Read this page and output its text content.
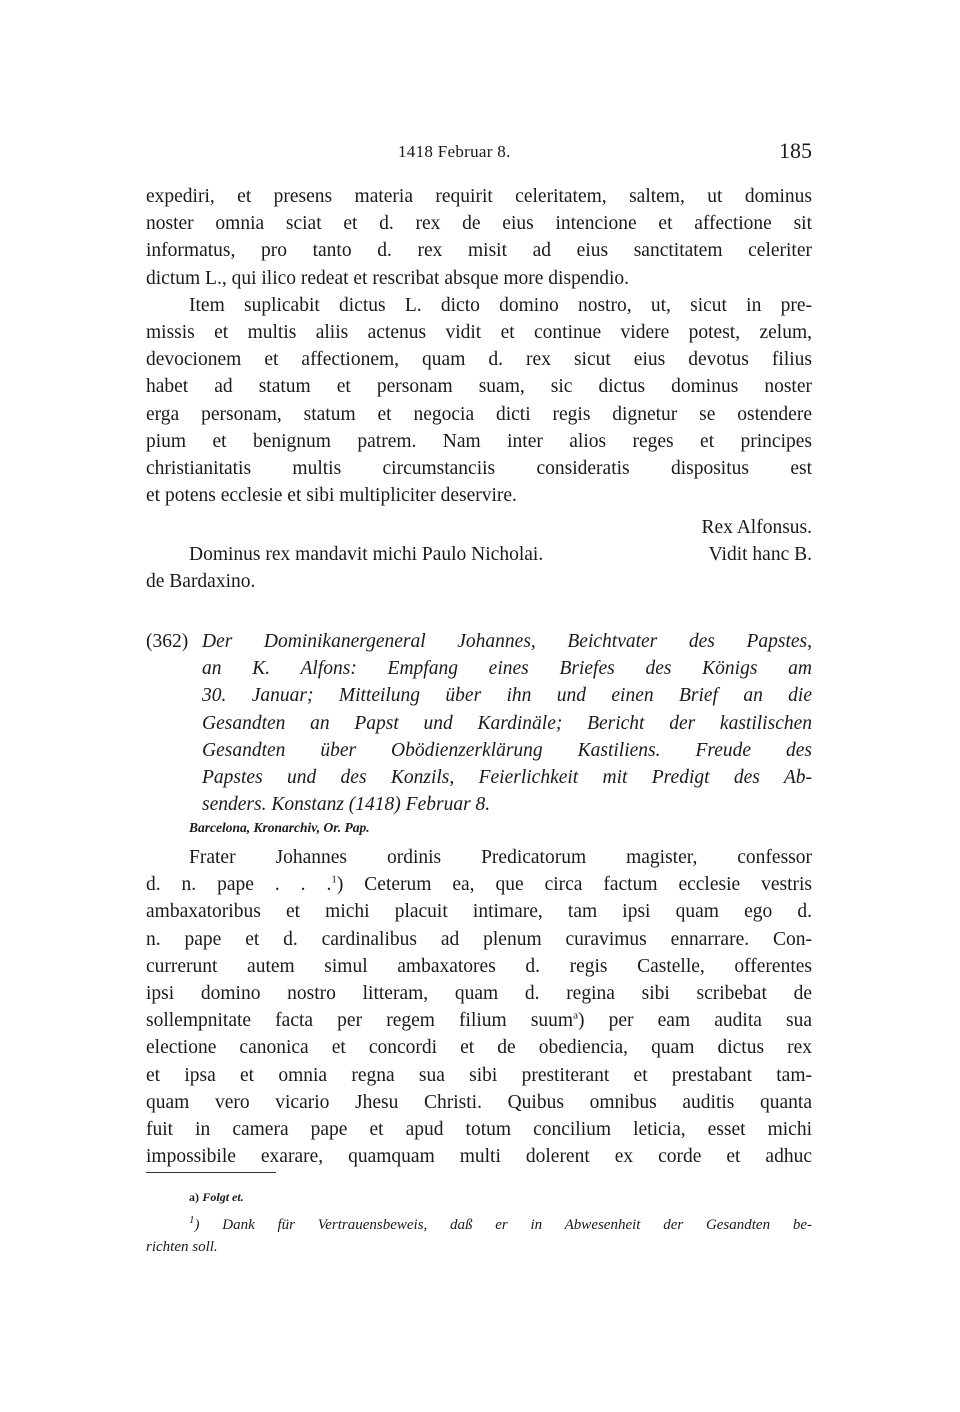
1418 Februar 8.	185
expediri, et presens materia requirit celeritatem, saltem, ut dominus
noster omnia sciat et d. rex de eius intencione et affectione sit
informatus, pro tanto d. rex misit ad eius sanctitatem celeriter
dictum L., qui ilico redeat et rescribat absque more dispendio.
Item suplicabit dictus L. dicto domino nostro, ut, sicut in pre-
missis et multis aliis actenus vidit et continue videre potest, zelum,
devocionem et affectionem, quam d. rex sicut eius devotus filius
habet ad statum et personam suam, sic dictus dominus noster
erga personam, statum et negocia dicti regis dignetur se ostendere
pium et benignum patrem. Nam inter alios reges et principes
christianitatis multis circumstanciis consideratis dispositus est
et potens ecclesie et sibi multipliciter deservire.
Rex Alfonsus.
Dominus rex mandavit michi Paulo Nicholai.	Vidit hanc B.
de Bardaxino.
(362) Der Dominikanergeneral Johannes, Beichtvater des Papstes,
an K. Alfons: Empfang eines Briefes des Königs am
30. Januar; Mitteilung über ihn und einen Brief an die
Gesandten an Papst und Kardinäle; Bericht der kastilischen
Gesandten über Obödienzerklärung Kastiliens. Freude des
Papstes und des Konzils, Feierlichkeit mit Predigt des Ab-
senders. Konstanz (1418) Februar 8.
Barcelona, Kronarchiv, Or. Pap.
Frater Johannes ordinis Predicatorum magister, confessor
d. n. pape . . .$^1$) Ceterum ea, que circa factum ecclesie vestris
ambaxatoribus et michi placuit intimare, tam ipsi quam ego d.
n. pape et d. cardinalibus ad plenum curavimus ennarrare. Con-
currerunt autem simul ambaxatores d. regis Castelle, offerentes
ipsi domino nostro litteram, quam d. regina sibi scribebat de
sollempnitate facta per regem filium suum$^a$) per eam audita sua
electione canonica et concordi et de obediencia, quam dictus rex
et ipsa et omnia regna sua sibi prestiterant et prestabant tam-
quam vero vicario Jhesu Christi. Quibus omnibus auditis quanta
fuit in camera pape et apud totum concilium leticia, esset michi
impossibile exarare, quamquam multi dolerent ex corde et adhuc
a) Folgt et.
$^1$) Dank für Vertrauensbeweis, daß er in Abwesenheit der Gesandten be-
richten soll.
